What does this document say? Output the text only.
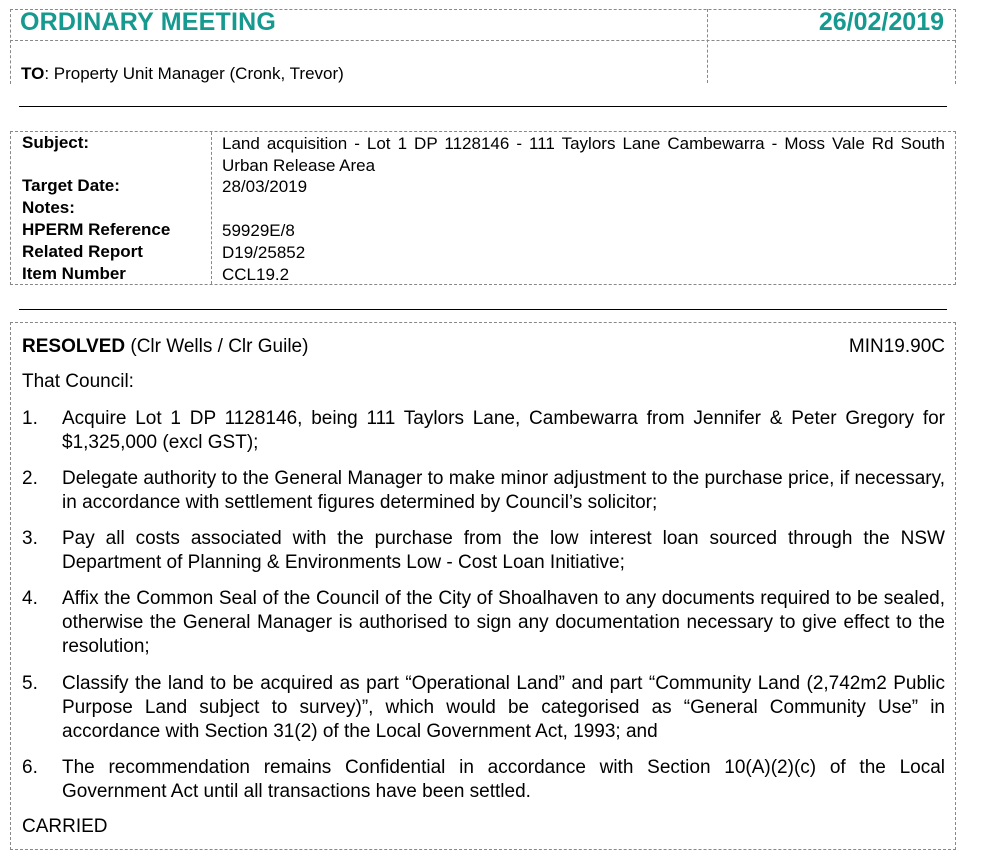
ORDINARY MEETING	26/02/2019
TO: Property Unit Manager (Cronk, Trevor)
Subject:	Land acquisition - Lot 1 DP 1128146 - 111 Taylors Lane Cambewarra - Moss Vale Rd South Urban Release Area
Target Date:	28/03/2019
Notes:
HPERM Reference	59929E/8
Related Report	D19/25852
Item Number	CCL19.2
RESOLVED (Clr Wells / Clr Guile)	MIN19.90C
That Council:
1. Acquire Lot 1 DP 1128146, being 111 Taylors Lane, Cambewarra from Jennifer & Peter Gregory for $1,325,000 (excl GST);
2. Delegate authority to the General Manager to make minor adjustment to the purchase price, if necessary, in accordance with settlement figures determined by Council’s solicitor;
3. Pay all costs associated with the purchase from the low interest loan sourced through the NSW Department of Planning & Environments Low - Cost Loan Initiative;
4. Affix the Common Seal of the Council of the City of Shoalhaven to any documents required to be sealed, otherwise the General Manager is authorised to sign any documentation necessary to give effect to the resolution;
5. Classify the land to be acquired as part “Operational Land” and part “Community Land (2,742m2 Public Purpose Land subject to survey)”, which would be categorised as “General Community Use” in accordance with Section 31(2) of the Local Government Act, 1993; and
6. The recommendation remains Confidential in accordance with Section 10(A)(2)(c) of the Local Government Act until all transactions have been settled.
CARRIED
